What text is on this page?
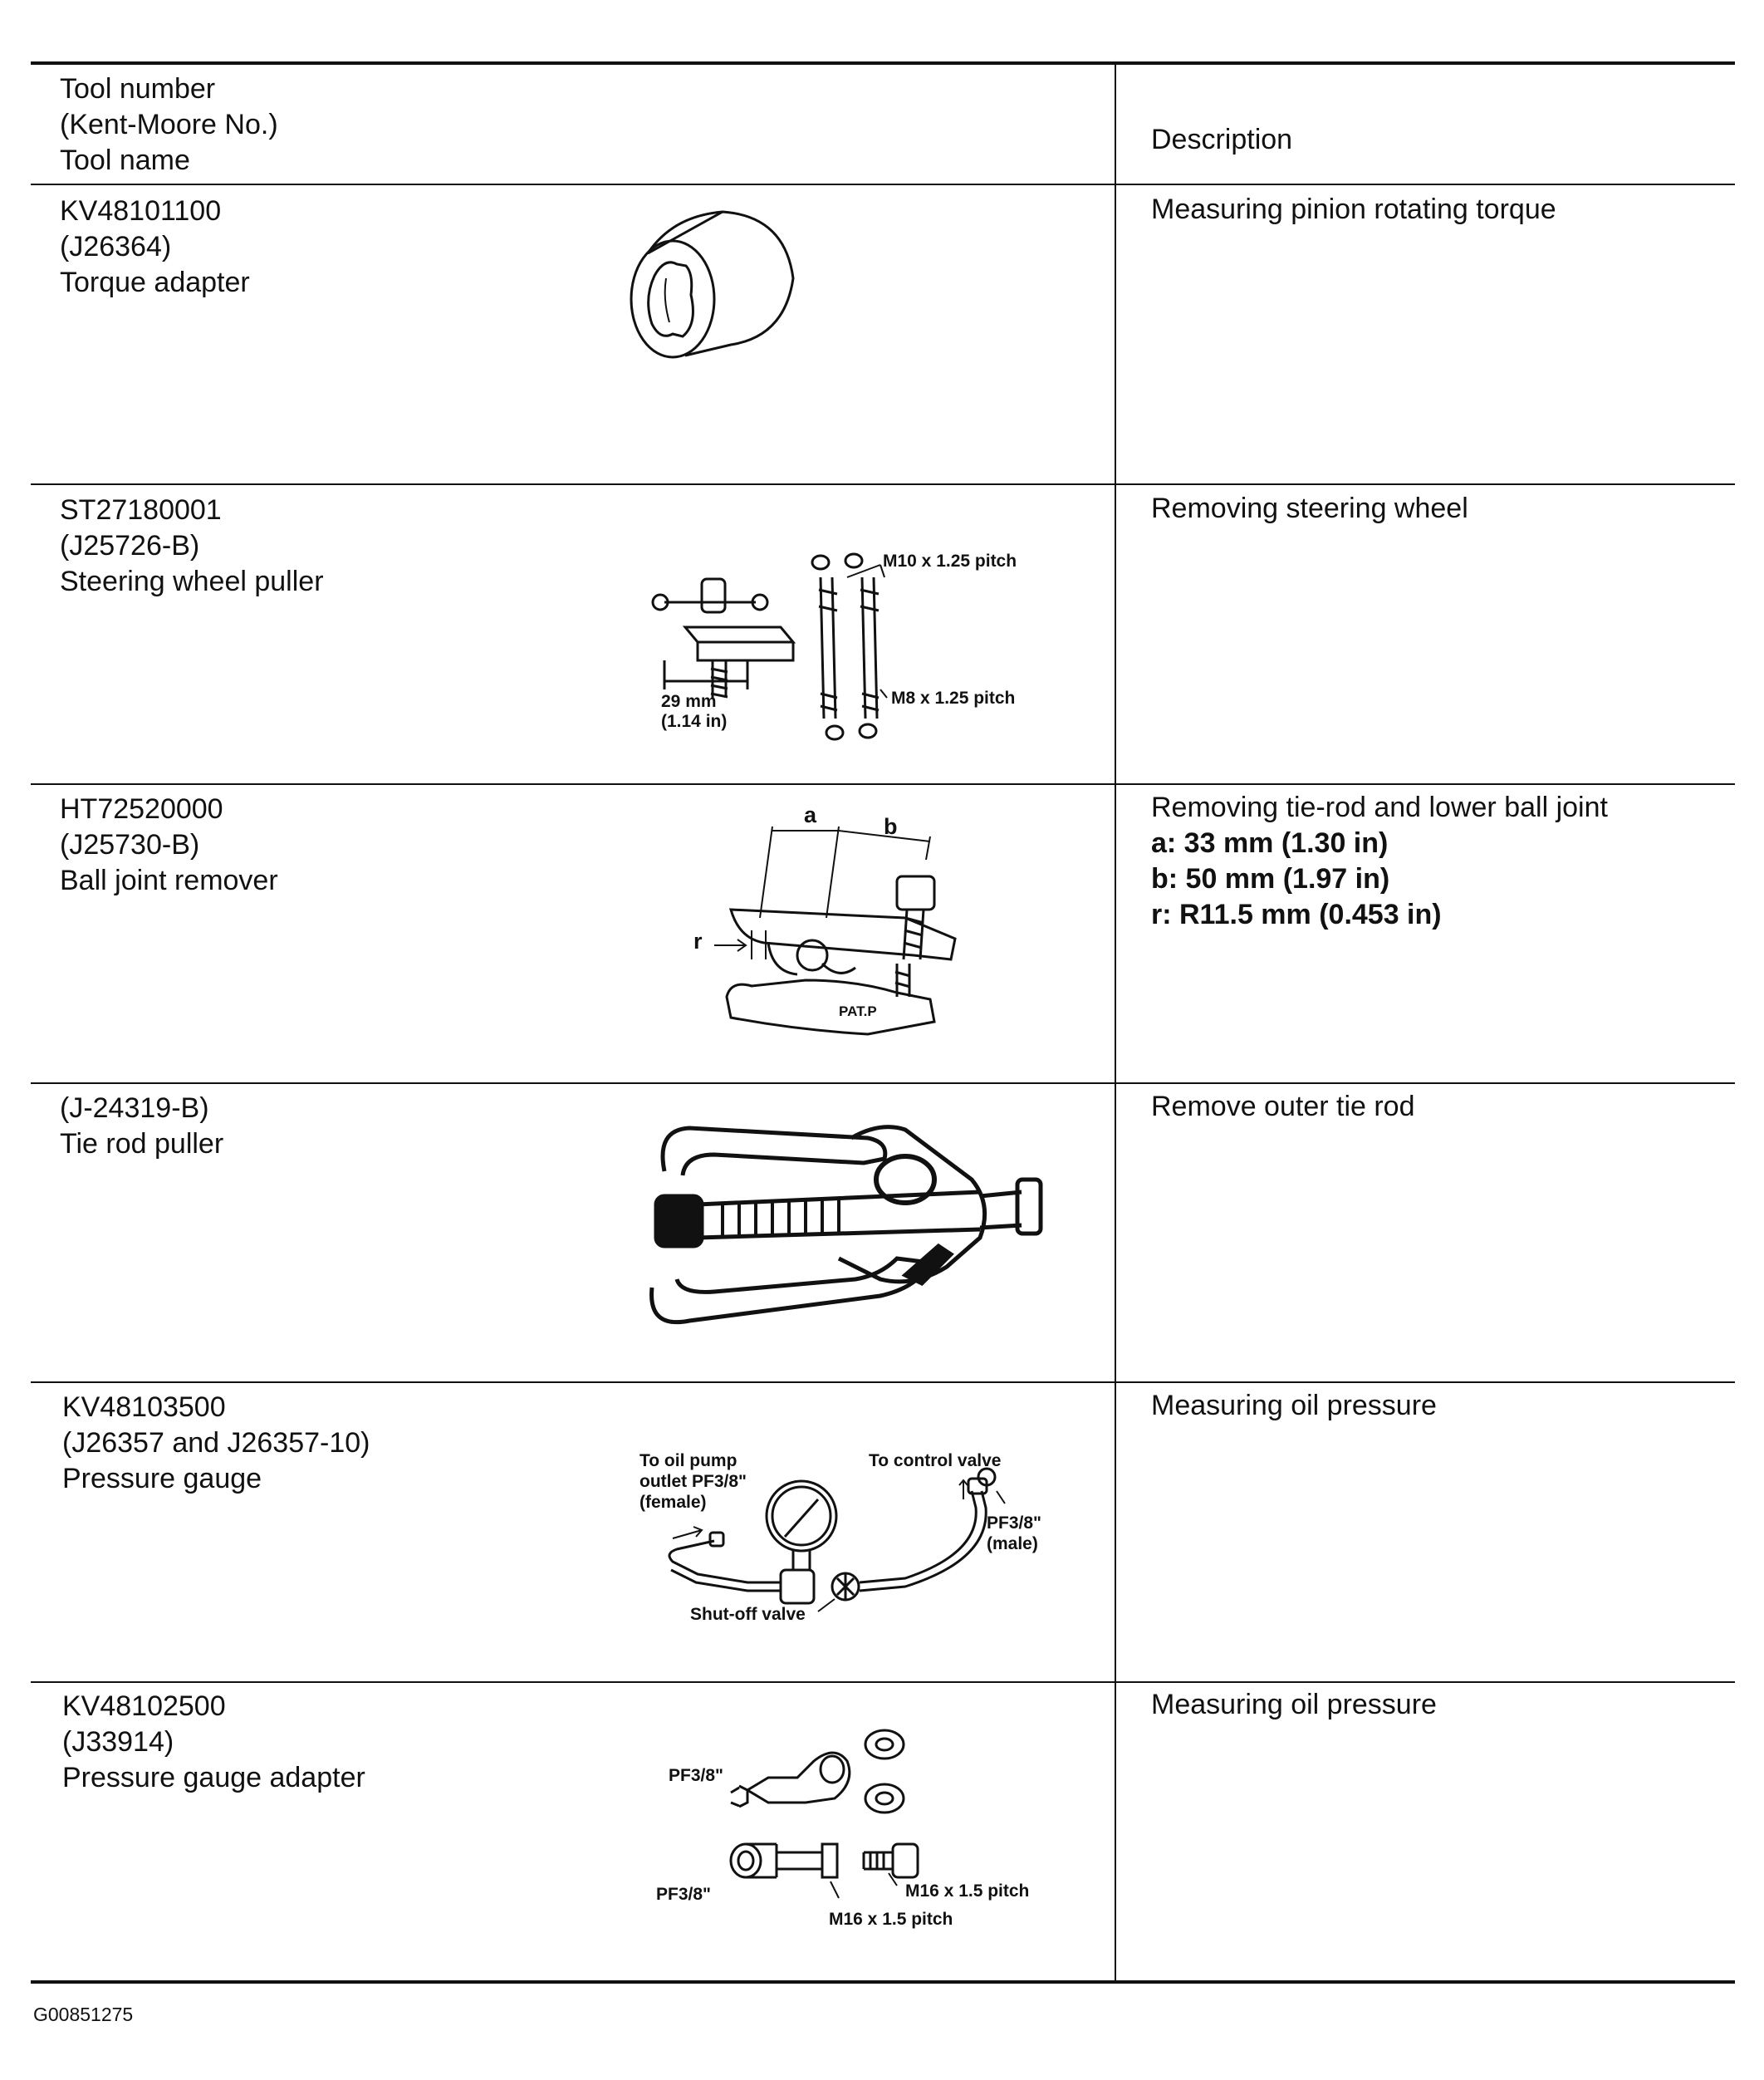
Tool number
(Kent-Moore No.)
Tool name
Description
KV48101100
(J26364)
Torque adapter
Measuring pinion rotating torque
ST27180001
(J25726-B)
Steering wheel puller
Removing steering wheel
M10 x 1.25 pitch
M8 x 1.25 pitch
29 mm
(1.14 in)
HT72520000
(J25730-B)
Ball joint remover
Removing tie-rod and lower ball joint
a: 33 mm (1.30 in)
b: 50 mm (1.97 in)
r: R11.5 mm (0.453 in)
a	b
r
PAT.P
(J-24319-B)
Tie rod puller
Remove outer tie rod
KV48103500
(J26357 and J26357-10)
Pressure gauge
Measuring oil pressure
To oil pump
outlet PF3/8"
(female)
To control valve
PF3/8"
(male)
Shut-off valve
KV48102500
(J33914)
Pressure gauge adapter
Measuring oil pressure
PF3/8"
PF3/8"	M16 x 1.5 pitch
M16 x 1.5 pitch
G00851275
